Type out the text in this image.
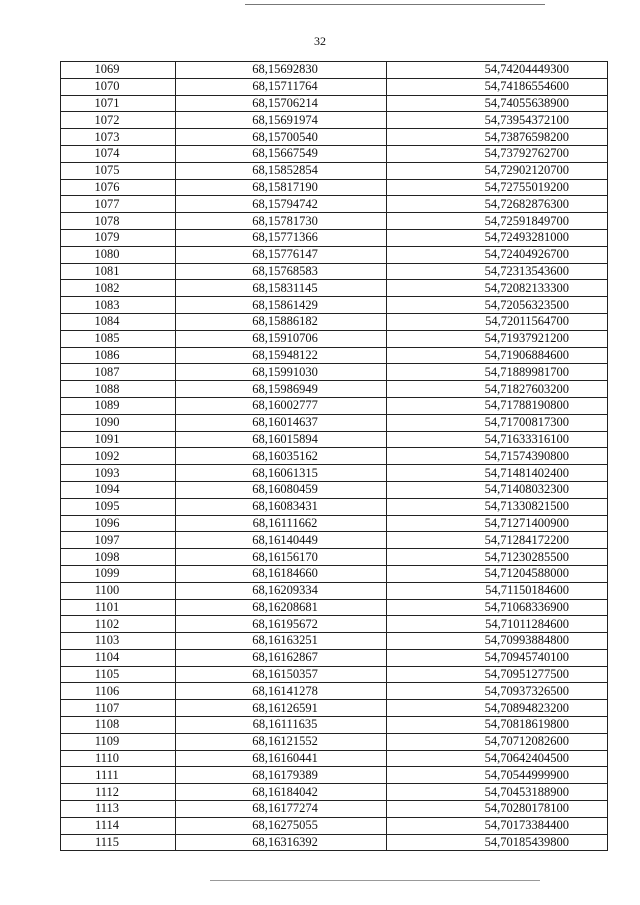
32
1069	68,15692830	54,74204449300
1070	68,15711764	54,74186554600
1071	68,15706214	54,74055638900
1072	68,15691974	54,73954372100
1073	68,15700540	54,73876598200
1074	68,15667549	54,73792762700
1075	68,15852854	54,72902120700
1076	68,15817190	54,72755019200
1077	68,15794742	54,72682876300
1078	68,15781730	54,72591849700
1079	68,15771366	54,72493281000
1080	68,15776147	54,72404926700
1081	68,15768583	54,72313543600
1082	68,15831145	54,72082133300
1083	68,15861429	54,72056323500
1084	68,15886182	54,72011564700
1085	68,15910706	54,71937921200
1086	68,15948122	54,71906884600
1087	68,15991030	54,71889981700
1088	68,15986949	54,71827603200
1089	68,16002777	54,71788190800
1090	68,16014637	54,71700817300
1091	68,16015894	54,71633316100
1092	68,16035162	54,71574390800
1093	68,16061315	54,71481402400
1094	68,16080459	54,71408032300
1095	68,16083431	54,71330821500
1096	68,16111662	54,71271400900
1097	68,16140449	54,71284172200
1098	68,16156170	54,71230285500
1099	68,16184660	54,71204588000
1100	68,16209334	54,71150184600
1101	68,16208681	54,71068336900
1102	68,16195672	54,71011284600
1103	68,16163251	54,70993884800
1104	68,16162867	54,70945740100
1105	68,16150357	54,70951277500
1106	68,16141278	54,70937326500
1107	68,16126591	54,70894823200
1108	68,16111635	54,70818619800
1109	68,16121552	54,70712082600
1110	68,16160441	54,70642404500
1111	68,16179389	54,70544999900
1112	68,16184042	54,70453188900
1113	68,16177274	54,70280178100
1114	68,16275055	54,70173384400
1115	68,16316392	54,70185439800
